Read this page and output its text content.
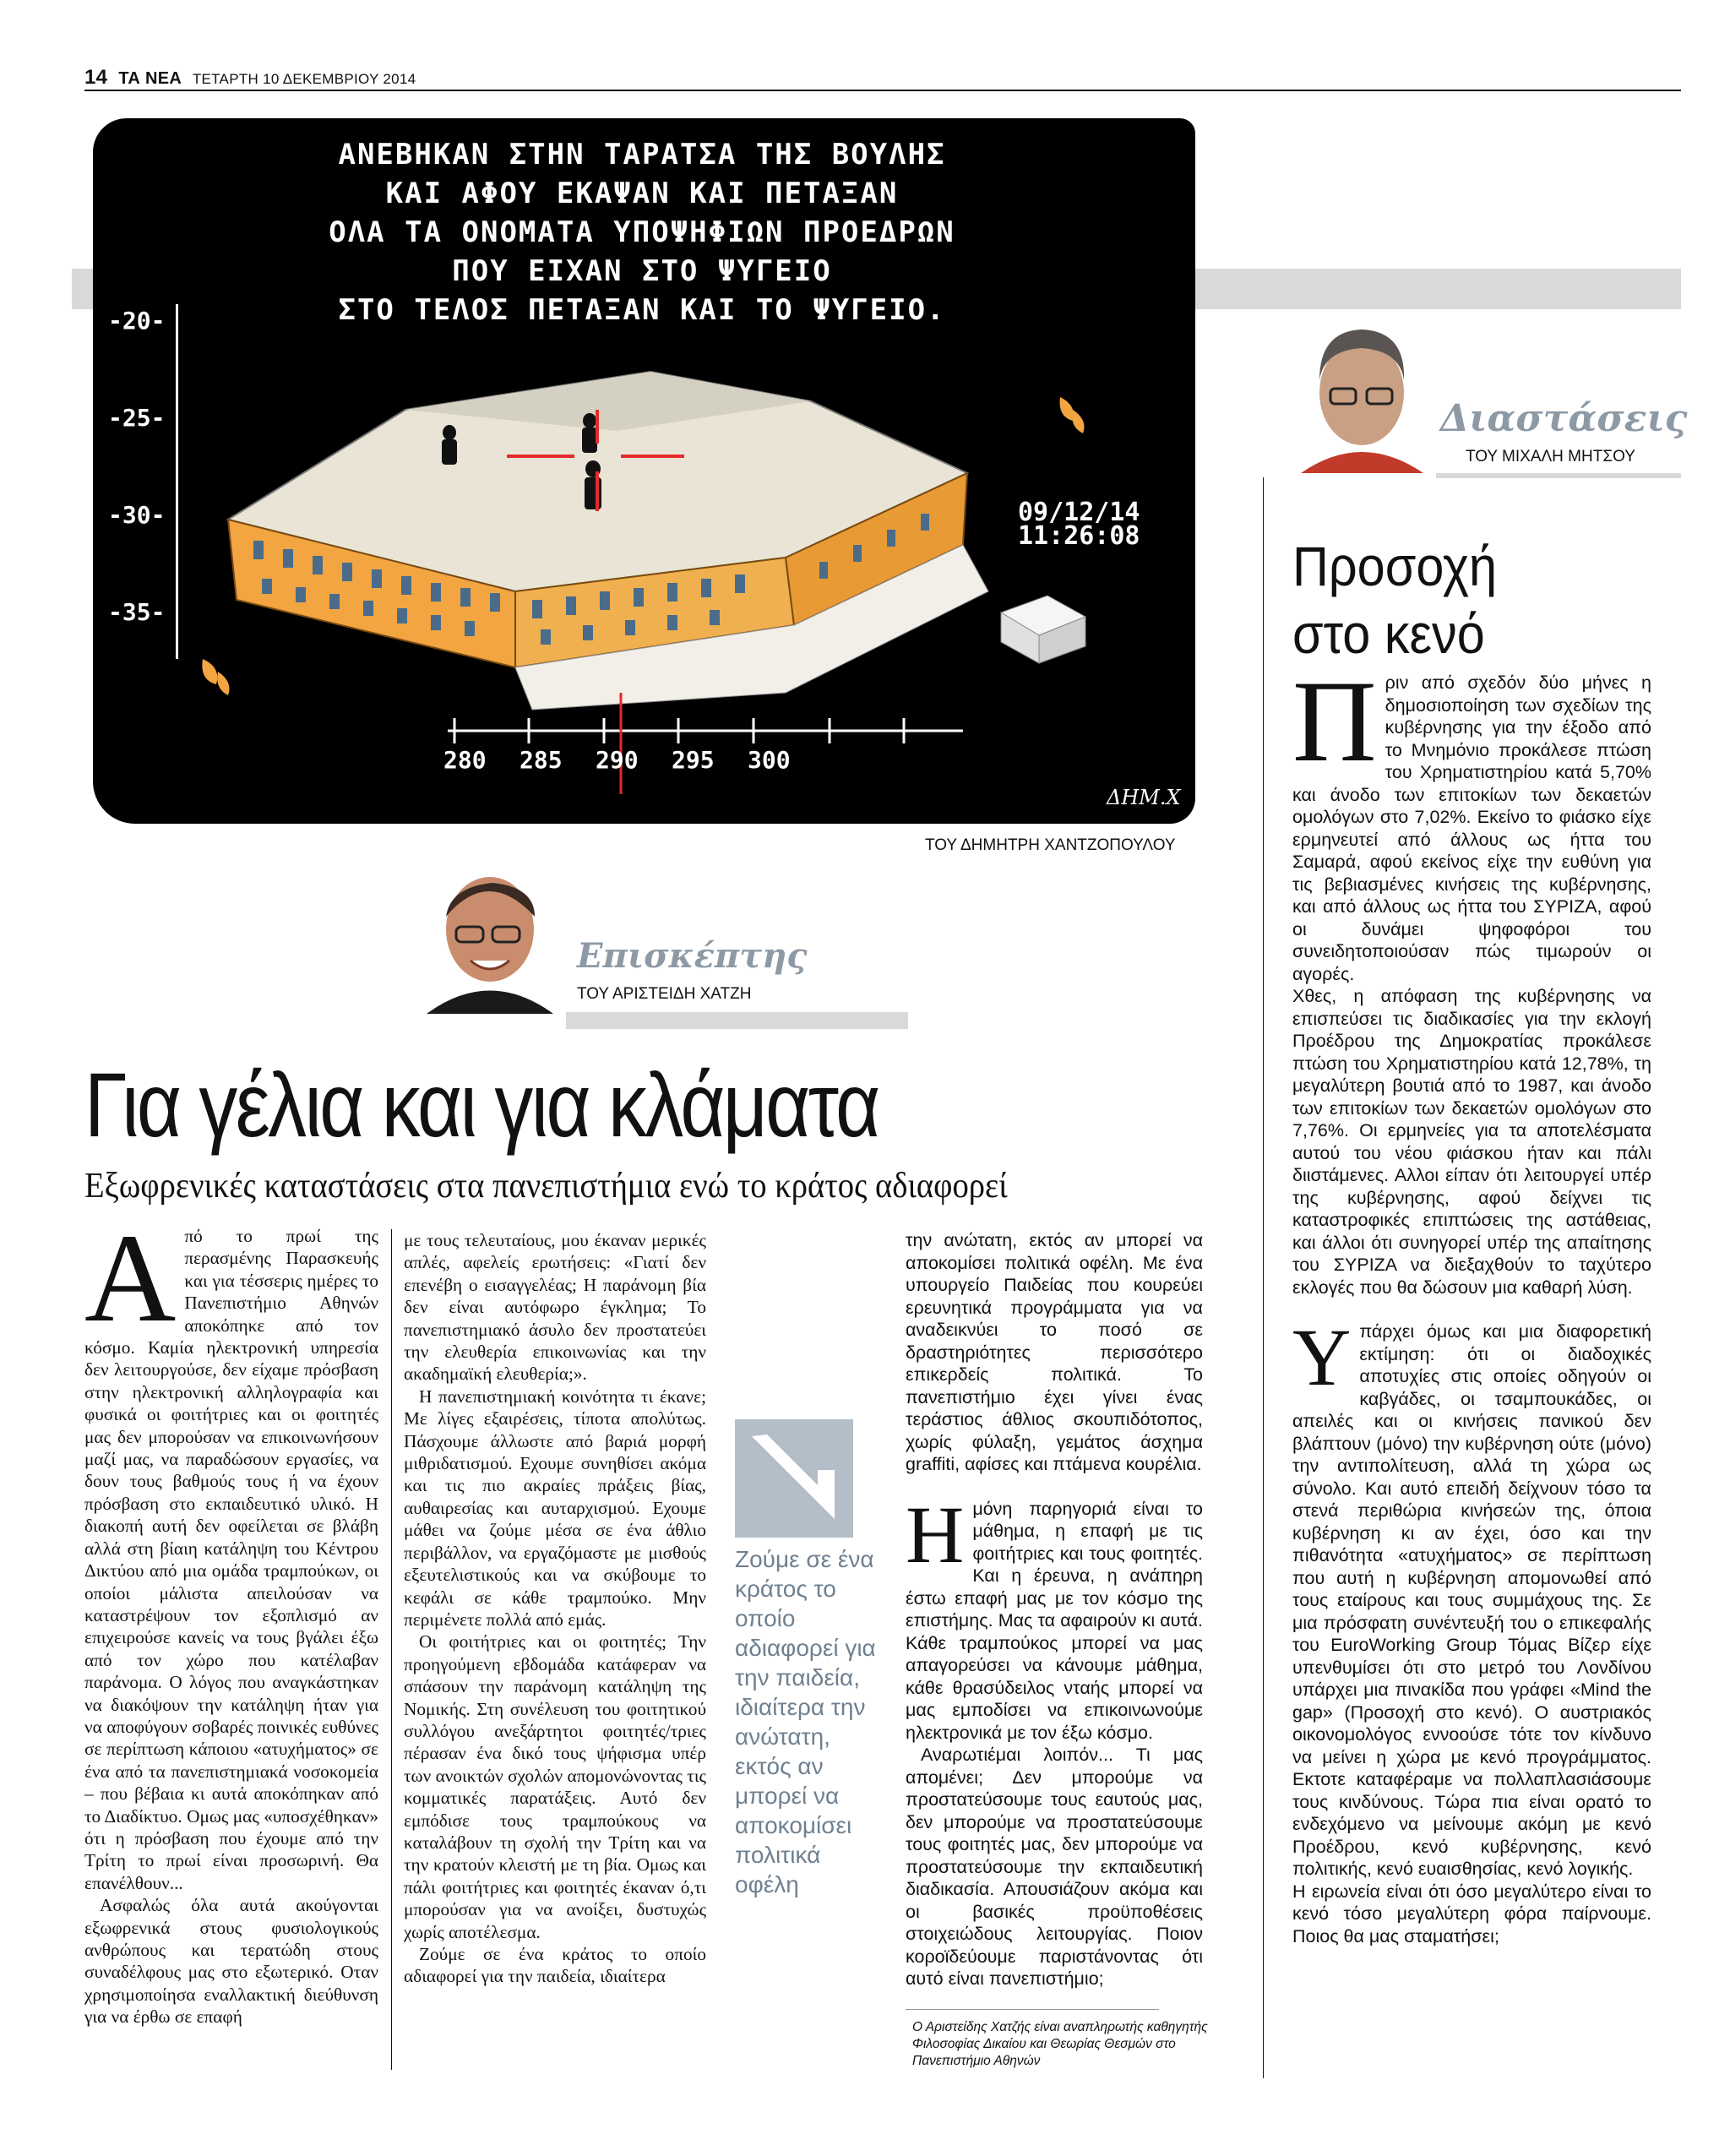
14 ΤΑ ΝΕΑ ΤΕΤΑΡΤΗ 10 ΔΕΚΕΜΒΡΙΟΥ 2014
ΑΝΕΒΗΚΑΝ ΣΤΗΝ ΤΑΡΑΤΣΑ ΤΗΣ ΒΟΥΛΗΣ
ΚΑΙ ΑΦΟΥ ΕΚΑΨΑΝ ΚΑΙ ΠΕΤΑΞΑΝ
ΟΛΑ ΤΑ ΟΝΟΜΑΤΑ ΥΠΟΨΗΦΙΩΝ ΠΡΟΕΔΡΩΝ
ΠΟΥ ΕΙΧΑΝ ΣΤΟ ΨΥΓΕΙΟ
ΣΤΟ ΤΕΛΟΣ ΠΕΤΑΞΑΝ ΚΑΙ ΤΟ ΨΥΓΕΙΟ.
-20-
-25-
-30-
-35-
09/12/14
11:26:08
280 285 290 295 300
ΔΗΜ.Χ
ΤΟΥ ΔΗΜΗΤΡΗ ΧΑΝΤΖΟΠΟΥΛΟΥ
Επισκέπτης
ΤΟΥ ΑΡΙΣΤΕΙΔΗ ΧΑΤΖΗ
Για γέλια και για κλάματα
Εξωφρενικές καταστάσεις στα πανεπιστήμια ενώ το κράτος αδιαφορεί
Α πό το πρωί της περασμένης Παρασκευής και για τέσσερις ημέρες το Πανεπιστήμιο Αθηνών αποκόπηκε από τον κόσμο. Καμία ηλεκτρονική υπηρεσία δεν λειτουργούσε, δεν είχαμε πρόσβαση στην ηλεκτρονική αλληλογραφία και φυσικά οι φοιτήτριες και οι φοιτητές μας δεν μπορούσαν να επικοινωνήσουν μαζί μας, να παραδώσουν εργασίες, να δουν τους βαθμούς τους ή να έχουν πρόσβαση στο εκπαιδευτικό υλικό. Η διακοπή αυτή δεν οφείλεται σε βλάβη αλλά στη βίαιη κατάληψη του Κέντρου Δικτύου από μια ομάδα τραμπούκων, οι οποίοι μάλιστα απειλούσαν να καταστρέψουν τον εξοπλισμό αν επιχειρούσε κανείς να τους βγάλει έξω από τον χώρο που κατέλαβαν παράνομα. Ο λόγος που αναγκάστηκαν να διακόψουν την κατάληψη ήταν για να αποφύγουν σοβαρές ποινικές ευθύνες σε περίπτωση κάποιου «ατυχήματος» σε ένα από τα πανεπιστημιακά νοσοκομεία – που βέβαια κι αυτά αποκόπηκαν από το Διαδίκτυο. Ομως μας «υποσχέθηκαν» ότι η πρόσβαση που έχουμε από την Τρίτη το πρωί είναι προσωρινή. Θα επανέλθουν...

Ασφαλώς όλα αυτά ακούγονται εξωφρενικά στους φυσιολογικούς ανθρώπους και τερατώδη στους συναδέλφους μας στο εξωτερικό. Οταν χρησιμοποίησα εναλλακτική διεύθυνση για να έρθω σε επαφή

με τους τελευταίους, μου έκαναν μερικές απλές, αφελείς ερωτήσεις: «Γιατί δεν επενέβη ο εισαγγελέας; Η παράνομη βία δεν είναι αυτόφωρο έγκλημα; Το πανεπιστημιακό άσυλο δεν προστατεύει την ελευθερία επικοινωνίας και την ακαδημαϊκή ελευθερία;».

Η πανεπιστημιακή κοινότητα τι έκανε; Με λίγες εξαιρέσεις, τίποτα απολύτως. Πάσχουμε άλλωστε από βαριά μορφή μιθριδατισμού. Εχουμε συνηθίσει ακόμα και τις πιο ακραίες πράξεις βίας, αυθαιρεσίας και αυταρχισμού. Εχουμε μάθει να ζούμε μέσα σε ένα άθλιο περιβάλλον, να εργαζόμαστε με μισθούς εξευτελιστικούς και να σκύβουμε το κεφάλι σε κάθε τραμπούκο. Μην περιμένετε πολλά από εμάς.

Οι φοιτήτριες και οι φοιτητές; Την προηγούμενη εβδομάδα κατάφεραν να σπάσουν την παράνομη κατάληψη της Νομικής. Στη συνέλευση του φοιτητικού συλλόγου ανεξάρτητοι φοιτητές/τριες πέρασαν ένα δικό τους ψήφισμα υπέρ των ανοικτών σχολών απομονώνοντας τις κομματικές παρατάξεις. Αυτό δεν εμπόδισε τους τραμπούκους να καταλάβουν τη σχολή την Τρίτη και να την κρατούν κλειστή με τη βία. Ομως και πάλι φοιτήτριες και φοιτητές έκαναν ό,τι μπορούσαν για να ανοίξει, δυστυχώς χωρίς αποτέλεσμα.

Ζούμε σε ένα κράτος το οποίο αδιαφορεί για την παιδεία, ιδιαίτερα

Ζούμε σε ένα κράτος το οποίο αδιαφορεί για την παιδεία, ιδιαίτερα την ανώτατη, εκτός αν μπορεί να αποκομίσει πολιτικά οφέλη

την ανώτατη, εκτός αν μπορεί να αποκομίσει πολιτικά οφέλη. Με ένα υπουργείο Παιδείας που κουρεύει ερευνητικά προγράμματα για να αναδεικνύει το ποσό σε δραστηριότητες περισσότερο επικερδείς πολιτικά. Το πανεπιστήμιο έχει γίνει ένας τεράστιος άθλιος σκουπιδότοπος, χωρίς φύλαξη, γεμάτος άσχημα graffiti, αφίσες και πτάμενα κουρέλια.

Η μόνη παρηγοριά είναι το μάθημα, η επαφή με τις φοιτήτριες και τους φοιτητές. Και η έρευνα, η ανάπηρη έστω επαφή μας με τον κόσμο της επιστήμης. Μας τα αφαιρούν κι αυτά. Κάθε τραμπούκος μπορεί να μας απαγορεύσει να κάνουμε μάθημα, κάθε θρασύδειλος νταής μπορεί να μας εμποδίσει να επικοινωνούμε ηλεκτρονικά με τον έξω κόσμο.

Αναρωτιέμαι λοιπόν... Τι μας απομένει; Δεν μπορούμε να προστατεύσουμε τους εαυτούς μας, δεν μπορούμε να προστατεύσουμε τους φοιτητές μας, δεν μπορούμε να προστατεύσουμε την εκπαιδευτική διαδικασία. Απουσιάζουν ακόμα και οι βασικές προϋποθέσεις στοιχειώδους λειτουργίας. Ποιον κοροϊδεύουμε παριστάνοντας ότι αυτό είναι πανεπιστήμιο;

Ο Αριστείδης Χατζής είναι αναπληρωτής καθηγητής Φιλοσοφίας Δικαίου και Θεωρίας Θεσμών στο Πανεπιστήμιο Αθηνών
Διαστάσεις
ΤΟΥ ΜΙΧΑΛΗ ΜΗΤΣΟΥ
Προσοχή
στο κενό
Π ριν από σχεδόν δύο μήνες η δημοσιοποίηση των σχεδίων της κυβέρνησης για την έξοδο από το Μνημόνιο προκάλεσε πτώση του Χρηματιστηρίου κατά 5,70% και άνοδο των επιτοκίων των δεκαετών ομολόγων στο 7,02%. Εκείνο το φιάσκο είχε ερμηνευτεί από άλλους ως ήττα του Σαμαρά, αφού εκείνος είχε την ευθύνη για τις βεβιασμένες κινήσεις της κυβέρνησης, και από άλλους ως ήττα του ΣΥΡΙΖΑ, αφού οι δυνάμει ψηφοφόροι του συνειδητοποιούσαν πώς τιμωρούν οι αγορές.

Χθες, η απόφαση της κυβέρνησης να επισπεύσει τις διαδικασίες για την εκλογή Προέδρου της Δημοκρατίας προκάλεσε πτώση του Χρηματιστηρίου κατά 12,78%, τη μεγαλύτερη βουτιά από το 1987, και άνοδο των επιτοκίων των δεκαετών ομολόγων στο 7,76%. Οι ερμηνείες για τα αποτελέσματα αυτού του νέου φιάσκου ήταν και πάλι διιστάμενες. Αλλοι είπαν ότι λειτουργεί υπέρ της κυβέρνησης, αφού δείχνει τις καταστροφικές επιπτώσεις της αστάθειας, και άλλοι ότι συνηγορεί υπέρ της απαίτησης του ΣΥΡΙΖΑ να διεξαχθούν το ταχύτερο εκλογές που θα δώσουν μια καθαρή λύση.

Υ πάρχει όμως και μια διαφορετική εκτίμηση: ότι οι διαδοχικές αποτυχίες στις οποίες οδηγούν οι καβγάδες, οι τσαμπουκάδες, οι απειλές και οι κινήσεις πανικού δεν βλάπτουν (μόνο) την κυβέρνηση ούτε (μόνο) την αντιπολίτευση, αλλά τη χώρα ως σύνολο. Και αυτό επειδή δείχνουν τόσο τα στενά περιθώρια κινήσεών της, όποια κυβέρνηση κι αν έχει, όσο και την πιθανότητα «ατυχήματος» σε περίπτωση που αυτή η κυβέρνηση απομονωθεί από τους εταίρους και τους συμμάχους της. Σε μια πρόσφατη συνέντευξή του ο επικεφαλής του EuroWorking Group Τόμας Βίζερ είχε υπενθυμίσει ότι στο μετρό του Λονδίνου υπάρχει μια πινακίδα που γράφει «Mind the gap» (Προσοχή στο κενό). Ο αυστριακός οικονομολόγος εννοούσε τότε τον κίνδυνο να μείνει η χώρα με κενό προγράμματος. Εκτοτε καταφέραμε να πολλαπλασιάσουμε τους κινδύνους. Τώρα πια είναι ορατό το ενδεχόμενο να μείνουμε ακόμη με κενό Προέδρου, κενό κυβέρνησης, κενό πολιτικής, κενό ευαισθησίας, κενό λογικής.

Η ειρωνεία είναι ότι όσο μεγαλύτερο είναι το κενό τόσο μεγαλύτερη φόρα παίρνουμε. Ποιος θα μας σταματήσει;
